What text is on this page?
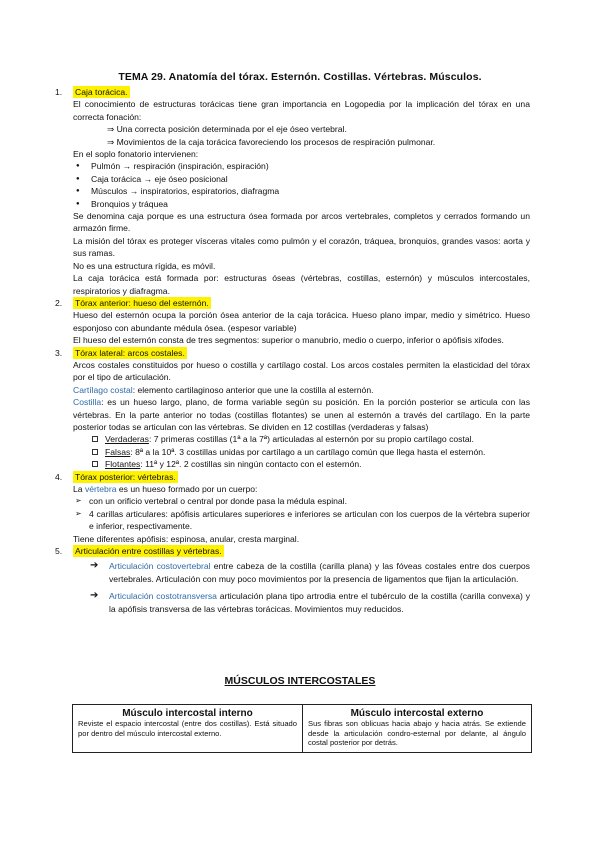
TEMA 29. Anatomía del tórax. Esternón. Costillas. Vértebras. Músculos.
1.	Caja torácica.
El conocimiento de estructuras torácicas tiene gran importancia en Logopedia por la implicación del tórax en una correcta fonación:
⇒ Una correcta posición determinada por el eje óseo vertebral.
⇒ Movimientos de la caja torácica favoreciendo los procesos de respiración pulmonar.
En el soplo fonatorio intervienen:
● Pulmón → respiración (inspiración, espiración)
● Caja torácica → eje óseo posicional
● Músculos → inspiratorios, espiratorios, diafragma
● Bronquios y tráquea
Se denomina caja porque es una estructura ósea formada por arcos vertebrales, completos y cerrados formando un armazón firme.
La misión del tórax es proteger vísceras vitales como pulmón y el corazón, tráquea, bronquios, grandes vasos: aorta y sus ramas.
No es una estructura rígida, es móvil.
La caja torácica está formada por: estructuras óseas (vértebras, costillas, esternón) y músculos intercostales, respiratorios y diafragma.
2.	Tórax anterior: hueso del esternón.
Hueso del esternón ocupa la porción ósea anterior de la caja torácica. Hueso plano impar, medio y simétrico. Hueso esponjoso con abundante médula ósea. (espesor variable)
El hueso del esternón consta de tres segmentos: superior o manubrio, medio o cuerpo, inferior o apófisis xifodes.
3.	Tórax lateral: arcos costales.
Arcos costales constituidos por hueso o costilla y cartílago costal. Los arcos costales permiten la elasticidad del tórax por el tipo de articulación.
Cartílago costal: elemento cartilaginoso anterior que une la costilla al esternón.
Costilla: es un hueso largo, plano, de forma variable según su posición. En la porción posterior se articula con las vértebras. En la parte anterior no todas (costillas flotantes) se unen al esternón a través del cartílago. En la parte posterior todas se articulan con las vértebras. Se dividen en 12 costillas (verdaderas y falsas)
Verdaderas: 7 primeras costillas (1ª a la 7ª) articuladas al esternón por su propio cartílago costal.
Falsas: 8ª a la 10ª. 3 costillas unidas por cartílago a un cartílago común que llega hasta el esternón.
Flotantes: 11ª y 12ª. 2 costillas sin ningún contacto con el esternón.
4.	Tórax posterior: vértebras.
La vértebra es un hueso formado por un cuerpo:
➢ con un orificio vertebral o central por donde pasa la médula espinal.
➢ 4 carillas articulares: apófisis articulares superiores e inferiores se articulan con los cuerpos de la vértebra superior e inferior, respectivamente.
Tiene diferentes apófisis: espinosa, anular, cresta marginal.
5.	Articulación entre costillas y vértebras.
➔ Articulación costovertebral entre cabeza de la costilla (carilla plana) y las fóveas costales entre dos cuerpos vertebrales. Articulación con muy poco movimientos por la presencia de ligamentos que fijan la articulación.
➔ Articulación costotransversa articulación plana tipo artrodia entre el tubérculo de la costilla (carilla convexa) y la apófisis transversa de las vértebras torácicas. Movimientos muy reducidos.
MÚSCULOS INTERCOSTALES
Músculo intercostal interno

Reviste el espacio intercostal (entre dos costillas). Está situado por dentro del músculo intercostal externo.

Músculo intercostal externo

Sus fibras son oblicuas hacia abajo y hacia atrás. Se extiende desde la articulación condro-esternal por delante, al ángulo costal posterior por detrás.
